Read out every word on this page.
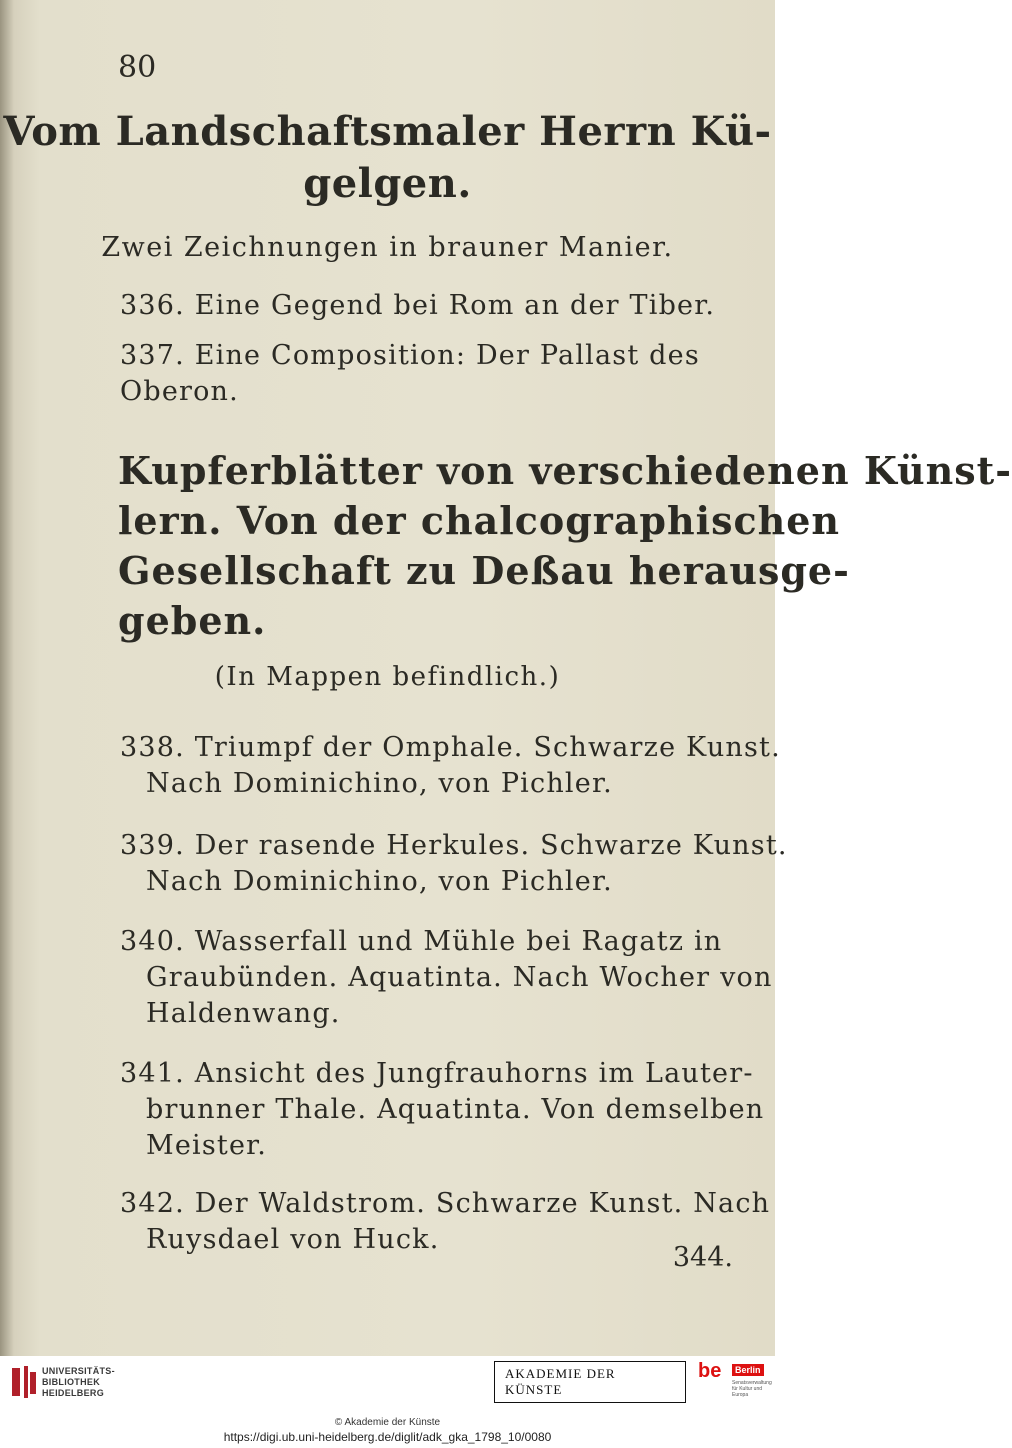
80
Vom Landschaftsmaler Herrn Kü-
gelgen.
Zwei Zeichnungen in brauner Manier.
336. Eine Gegend bei Rom an der Tiber.
337. Eine Composition: Der Pallast des
Oberon.
Kupferblätter von verschiedenen Künst-
lern. Von der chalcographischen
Gesellschaft zu Deßau herausge-
geben.
(In Mappen befindlich.)
338. Triumpf der Omphale. Schwarze Kunst.
Nach Dominichino, von Pichler.
339. Der rasende Herkules. Schwarze Kunst.
Nach Dominichino, von Pichler.
340. Wasserfall und Mühle bei Ragatz in
Graubünden. Aquatinta. Nach Wocher von
Haldenwang.
341. Ansicht des Jungfrauhorns im Lauter-
brunner Thale. Aquatinta. Von demselben
Meister.
342. Der Waldstrom. Schwarze Kunst. Nach
Ruysdael von Huck.
344.
UNIVERSITÄTS-
BIBLIOTHEK
HEIDELBERG
AKADEMIE DER KÜNSTE
be	Berlin
Senatsverwaltung
für Kultur und Europa
© Akademie der Künste
https://digi.ub.uni-heidelberg.de/diglit/adk_gka_1798_10/0080
